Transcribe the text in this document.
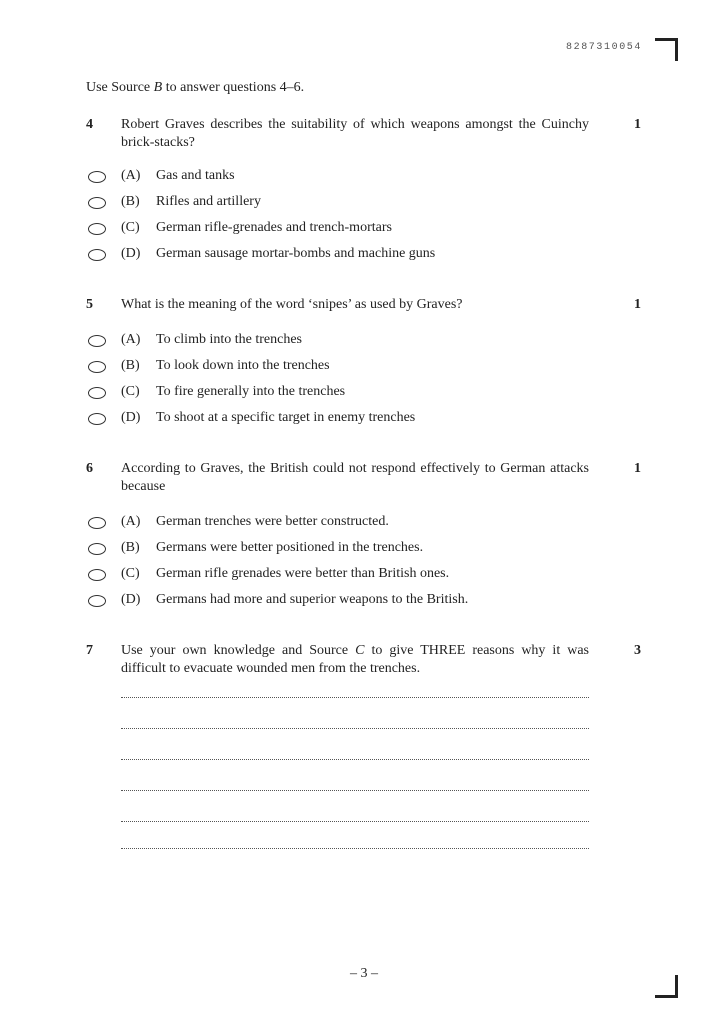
8287310054
Use Source B to answer questions 4–6.
4 Robert Graves describes the suitability of which weapons amongst the Cuinchy brick-stacks?
1
(A) Gas and tanks
(B) Rifles and artillery
(C) German rifle-grenades and trench-mortars
(D) German sausage mortar-bombs and machine guns
5 What is the meaning of the word ‘snipes’ as used by Graves?	1
(A) To climb into the trenches
(B) To look down into the trenches
(C) To fire generally into the trenches
(D) To shoot at a specific target in enemy trenches
6 According to Graves, the British could not respond effectively to German attacks because
1
(A) German trenches were better constructed.
(B) Germans were better positioned in the trenches.
(C) German rifle grenades were better than British ones.
(D) Germans had more and superior weapons to the British.
7 Use your own knowledge and Source C to give THREE reasons why it was difficult to evacuate wounded men from the trenches.
3
– 3 –
